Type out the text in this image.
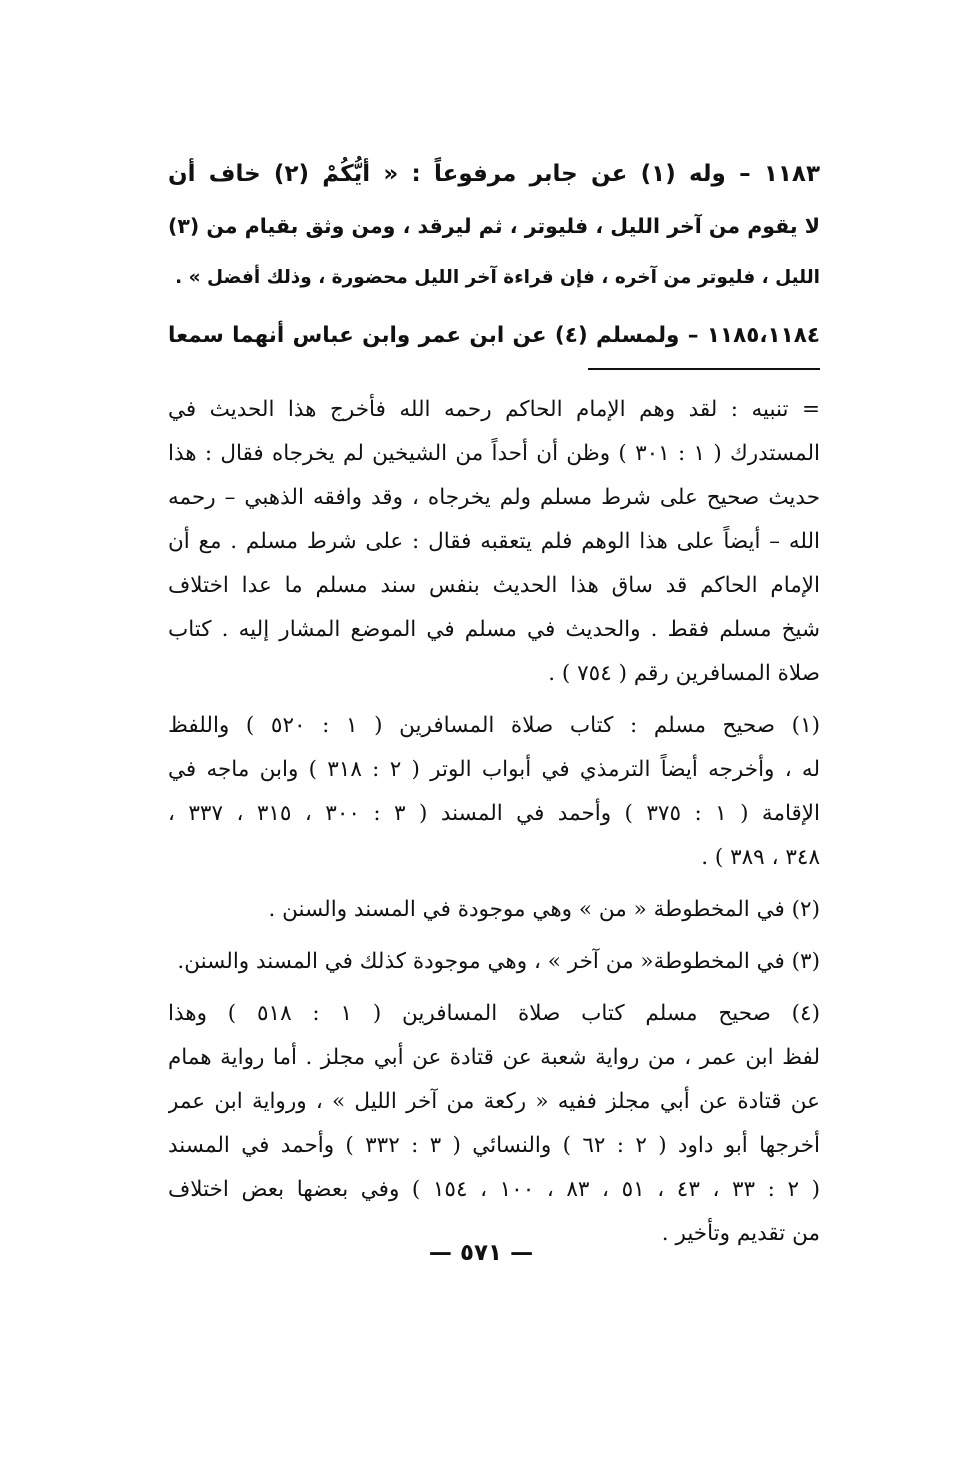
١١٨٣ – وله (١) عن جابر مرفوعاً : « أيُّكُمْ (٢) خاف أن
لا يقوم من آخر الليل ، فليوتر ، ثم ليرقد ، ومن وثق بقيام من (٣)
الليل ، فليوتر من آخره ، فإن قراءة آخر الليل محضورة ، وذلك أفضل » .
١١٨٥،١١٨٤ – ولمسلم (٤) عن ابن عمر وابن عباس أنهما سمعا
= تنبيه : لقد وهم الإمام الحاكم رحمه الله فأخرج هذا الحديث في
المستدرك ( ١ : ٣٠١ ) وظن أن أحداً من الشيخين لم يخرجاه فقال : هذا
حديث صحيح على شرط مسلم ولم يخرجاه ، وقد وافقه الذهبي – رحمه
الله – أيضاً على هذا الوهم فلم يتعقبه فقال : على شرط مسلم . مع أن
الإمام الحاكم قد ساق هذا الحديث بنفس سند مسلم ما عدا اختلاف
شيخ مسلم فقط . والحديث في مسلم في الموضع المشار إليه . كتاب
صلاة المسافرين رقم ( ٧٥٤ ) .
(١) صحيح مسلم : كتاب صلاة المسافرين ( ١ : ٥٢٠ ) واللفظ
له ، وأخرجه أيضاً الترمذي في أبواب الوتر ( ٢ : ٣١٨ ) وابن ماجه في
الإقامة ( ١ : ٣٧٥ ) وأحمد في المسند ( ٣ : ٣٠٠ ، ٣١٥ ، ٣٣٧ ،
٣٤٨ ، ٣٨٩ ) .
(٢) في المخطوطة « من » وهي موجودة في المسند والسنن .
(٣) في المخطوطة« من آخر » ، وهي موجودة كذلك في المسند والسنن.
(٤) صحيح مسلم كتاب صلاة المسافرين ( ١ : ٥١٨ ) وهذا
لفظ ابن عمر ، من رواية شعبة عن قتادة عن أبي مجلز . أما رواية همام
عن قتادة عن أبي مجلز ففيه « ركعة من آخر الليل » ، ورواية ابن عمر
أخرجها أبو داود ( ٢ : ٦٢ ) والنسائي ( ٣ : ٣٣٢ ) وأحمد في المسند
( ٢ : ٣٣ ، ٤٣ ، ٥١ ، ٨٣ ، ١٠٠ ، ١٥٤ ) وفي بعضها بعض اختلاف
من تقديم وتأخير .
— ٥٧١ —
